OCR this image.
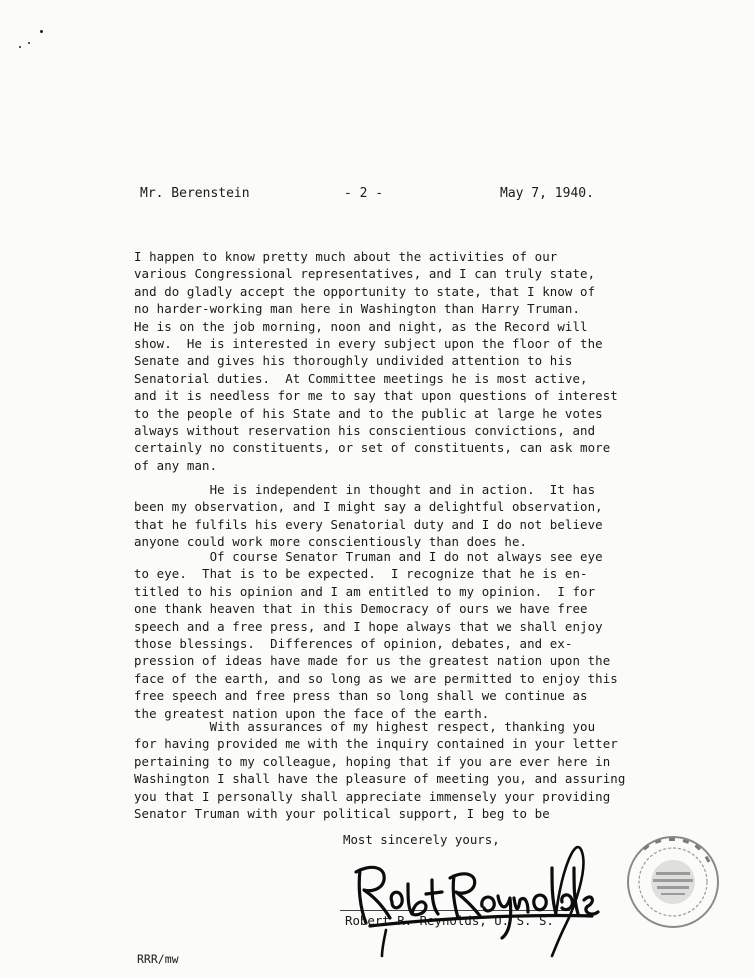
Mr. Berenstein	- 2 -	May 7, 1940.
I happen to know pretty much about the activities of our
various Congressional representatives, and I can truly state,
and do gladly accept the opportunity to state, that I know of
no harder-working man here in Washington than Harry Truman.
He is on the job morning, noon and night, as the Record will
show.  He is interested in every subject upon the floor of the
Senate and gives his thoroughly undivided attention to his
Senatorial duties.  At Committee meetings he is most active,
and it is needless for me to say that upon questions of interest
to the people of his State and to the public at large he votes
always without reservation his conscientious convictions, and
certainly no constituents, or set of constituents, can ask more
of any man.
He is independent in thought and in action.  It has
been my observation, and I might say a delightful observation,
that he fulfils his every Senatorial duty and I do not believe
anyone could work more conscientiously than does he.
Of course Senator Truman and I do not always see eye
to eye.  That is to be expected.  I recognize that he is en-
titled to his opinion and I am entitled to my opinion.  I for
one thank heaven that in this Democracy of ours we have free
speech and a free press, and I hope always that we shall enjoy
those blessings.  Differences of opinion, debates, and ex-
pression of ideas have made for us the greatest nation upon the
face of the earth, and so long as we are permitted to enjoy this
free speech and free press than so long shall we continue as
the greatest nation upon the face of the earth.
With assurances of my highest respect, thanking you
for having provided me with the inquiry contained in your letter
pertaining to my colleague, hoping that if you are ever here in
Washington I shall have the pleasure of meeting you, and assuring
you that I personally shall appreciate immensely your providing
Senator Truman with your political support, I beg to be
Most sincerely yours,
Robert R. Reynolds, U. S. S.
RRR/mw
